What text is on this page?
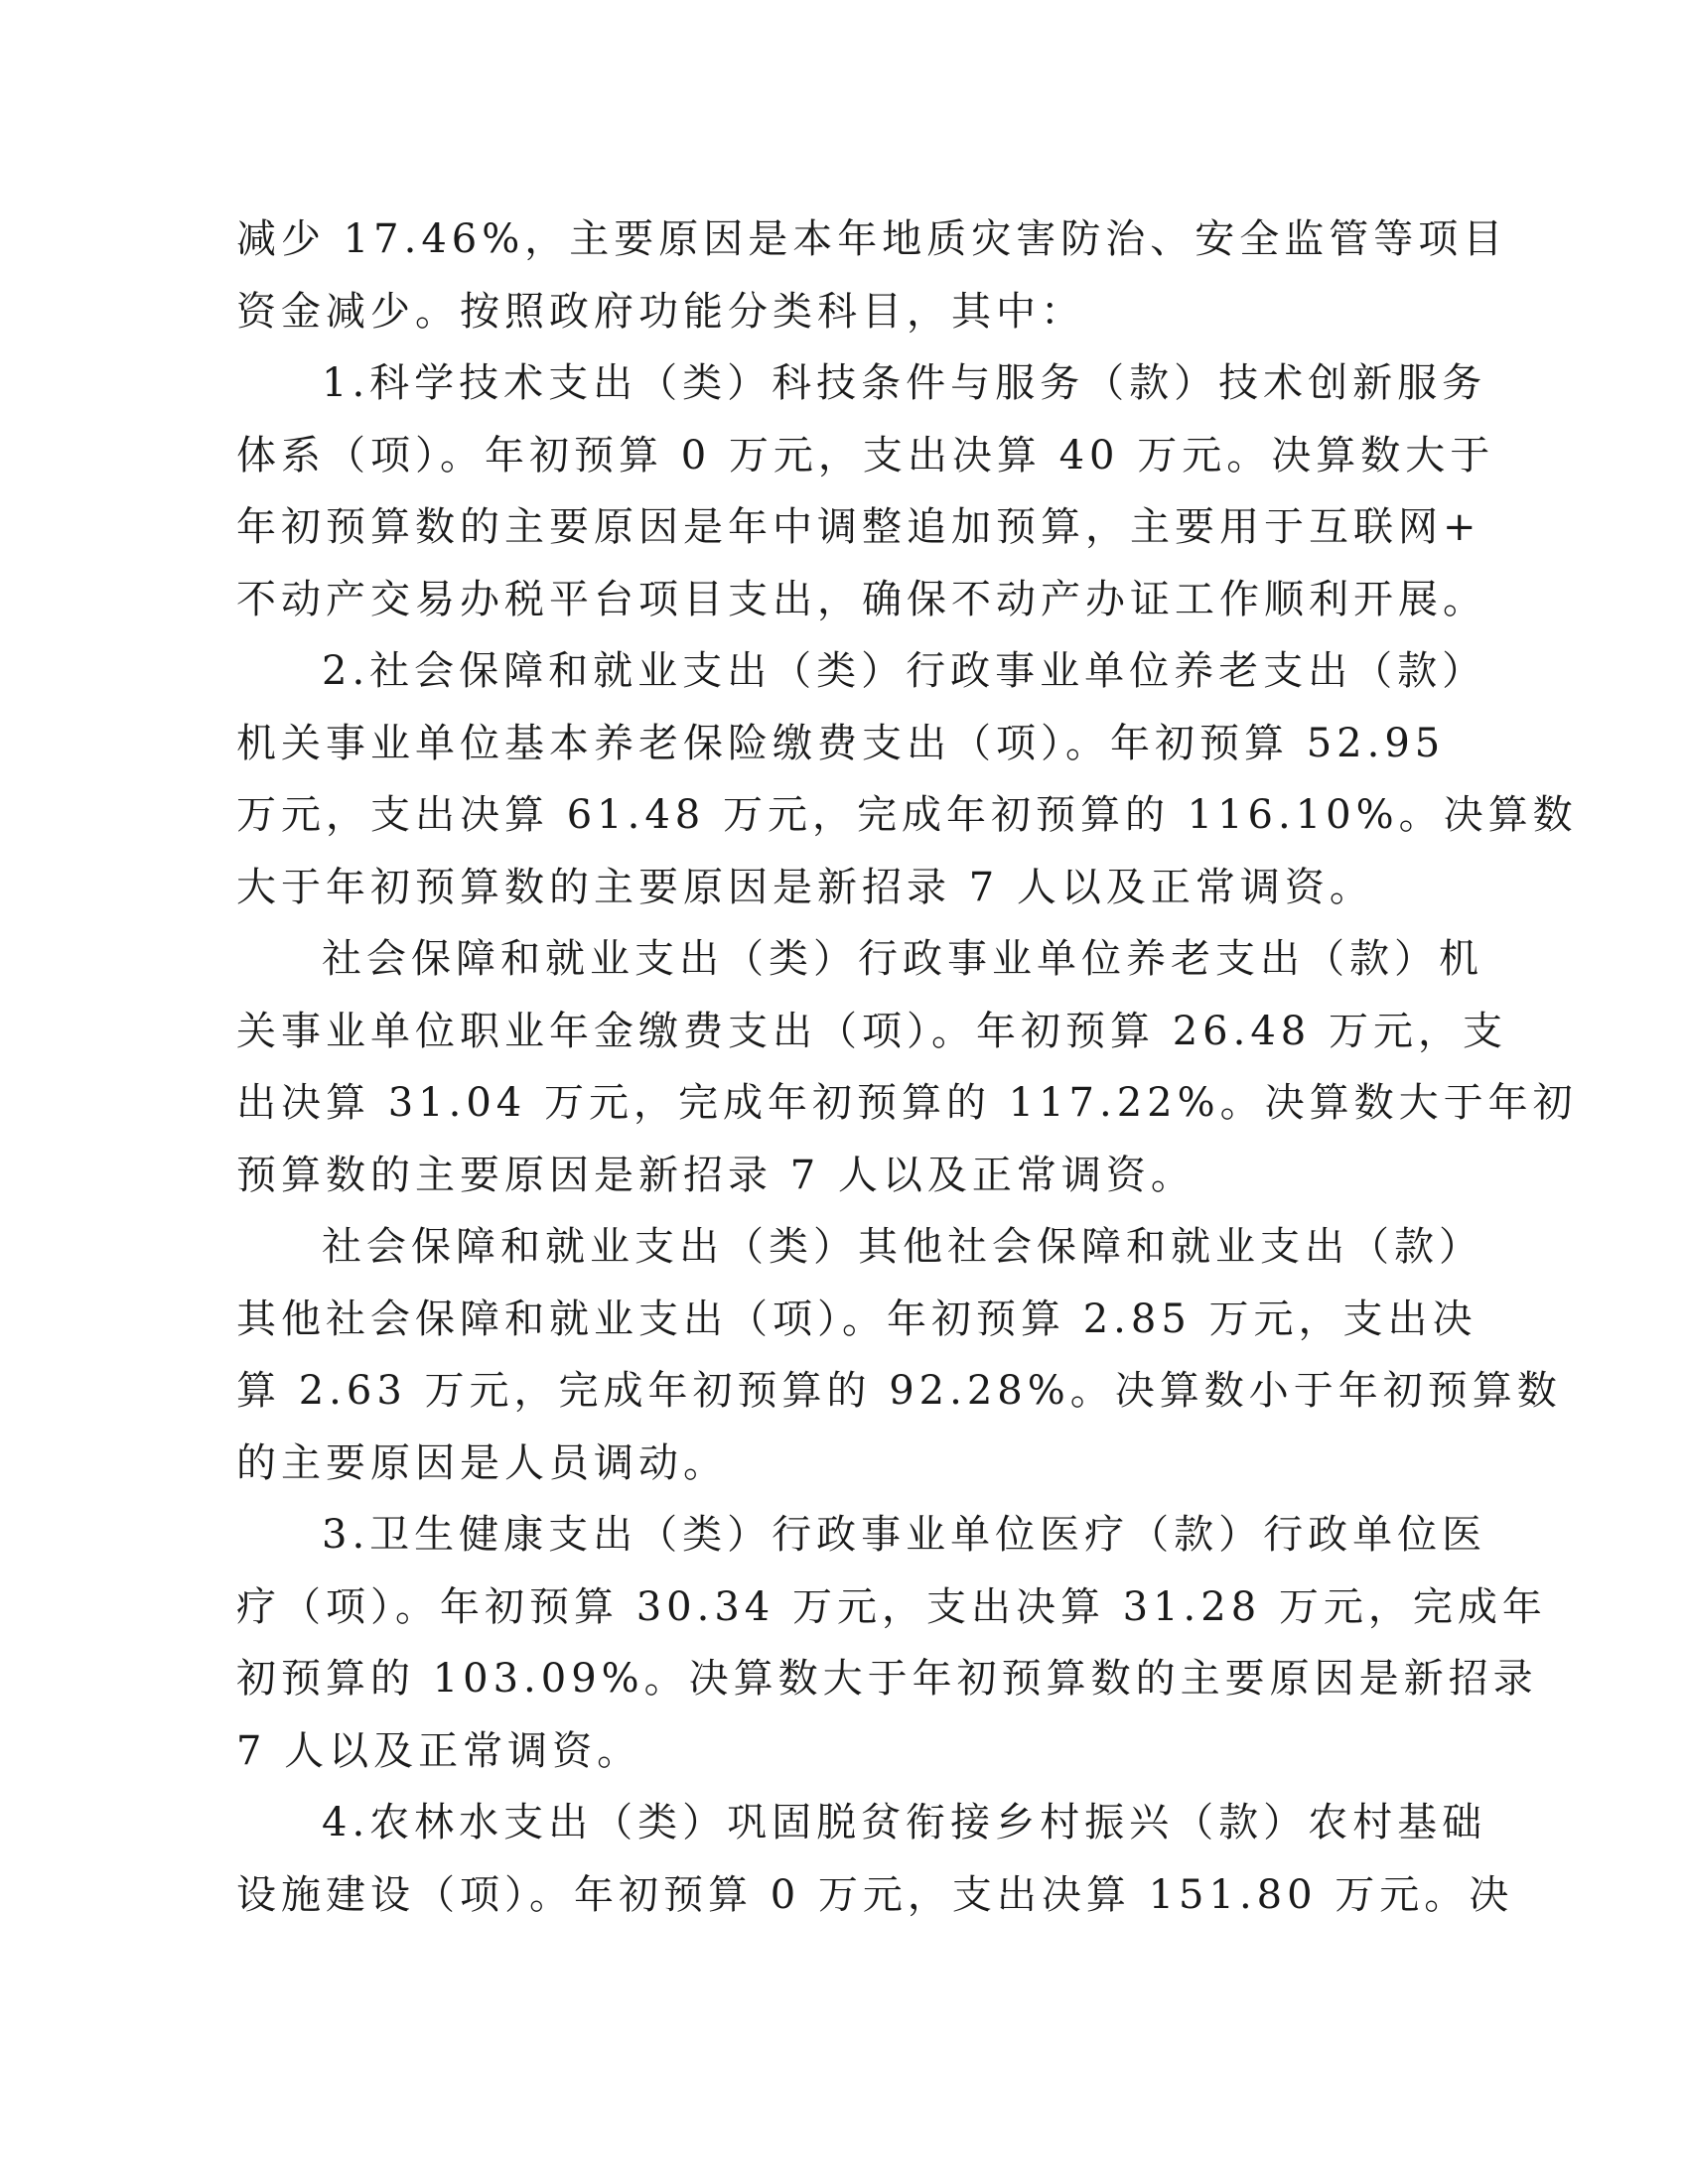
减少 17.46%，主要原因是本年地质灾害防治、安全监管等项目
资金减少。按照政府功能分类科目，其中：
1.科学技术支出（类）科技条件与服务（款）技术创新服务
体系（项）。年初预算 0 万元，支出决算 40 万元。决算数大于
年初预算数的主要原因是年中调整追加预算，主要用于互联网+
不动产交易办税平台项目支出，确保不动产办证工作顺利开展。
2.社会保障和就业支出（类）行政事业单位养老支出（款）
机关事业单位基本养老保险缴费支出（项）。年初预算 52.95
万元，支出决算 61.48 万元，完成年初预算的 116.10%。决算数
大于年初预算数的主要原因是新招录 7 人以及正常调资。
社会保障和就业支出（类）行政事业单位养老支出（款）机
关事业单位职业年金缴费支出（项）。年初预算 26.48 万元，支
出决算 31.04 万元，完成年初预算的 117.22%。决算数大于年初
预算数的主要原因是新招录 7 人以及正常调资。
社会保障和就业支出（类）其他社会保障和就业支出（款）
其他社会保障和就业支出（项）。年初预算 2.85 万元，支出决
算 2.63 万元，完成年初预算的 92.28%。决算数小于年初预算数
的主要原因是人员调动。
3.卫生健康支出（类）行政事业单位医疗（款）行政单位医
疗（项）。年初预算 30.34 万元，支出决算 31.28 万元，完成年
初预算的 103.09%。决算数大于年初预算数的主要原因是新招录
7 人以及正常调资。
4.农林水支出（类）巩固脱贫衔接乡村振兴（款）农村基础
设施建设（项）。年初预算 0 万元，支出决算 151.80 万元。决
